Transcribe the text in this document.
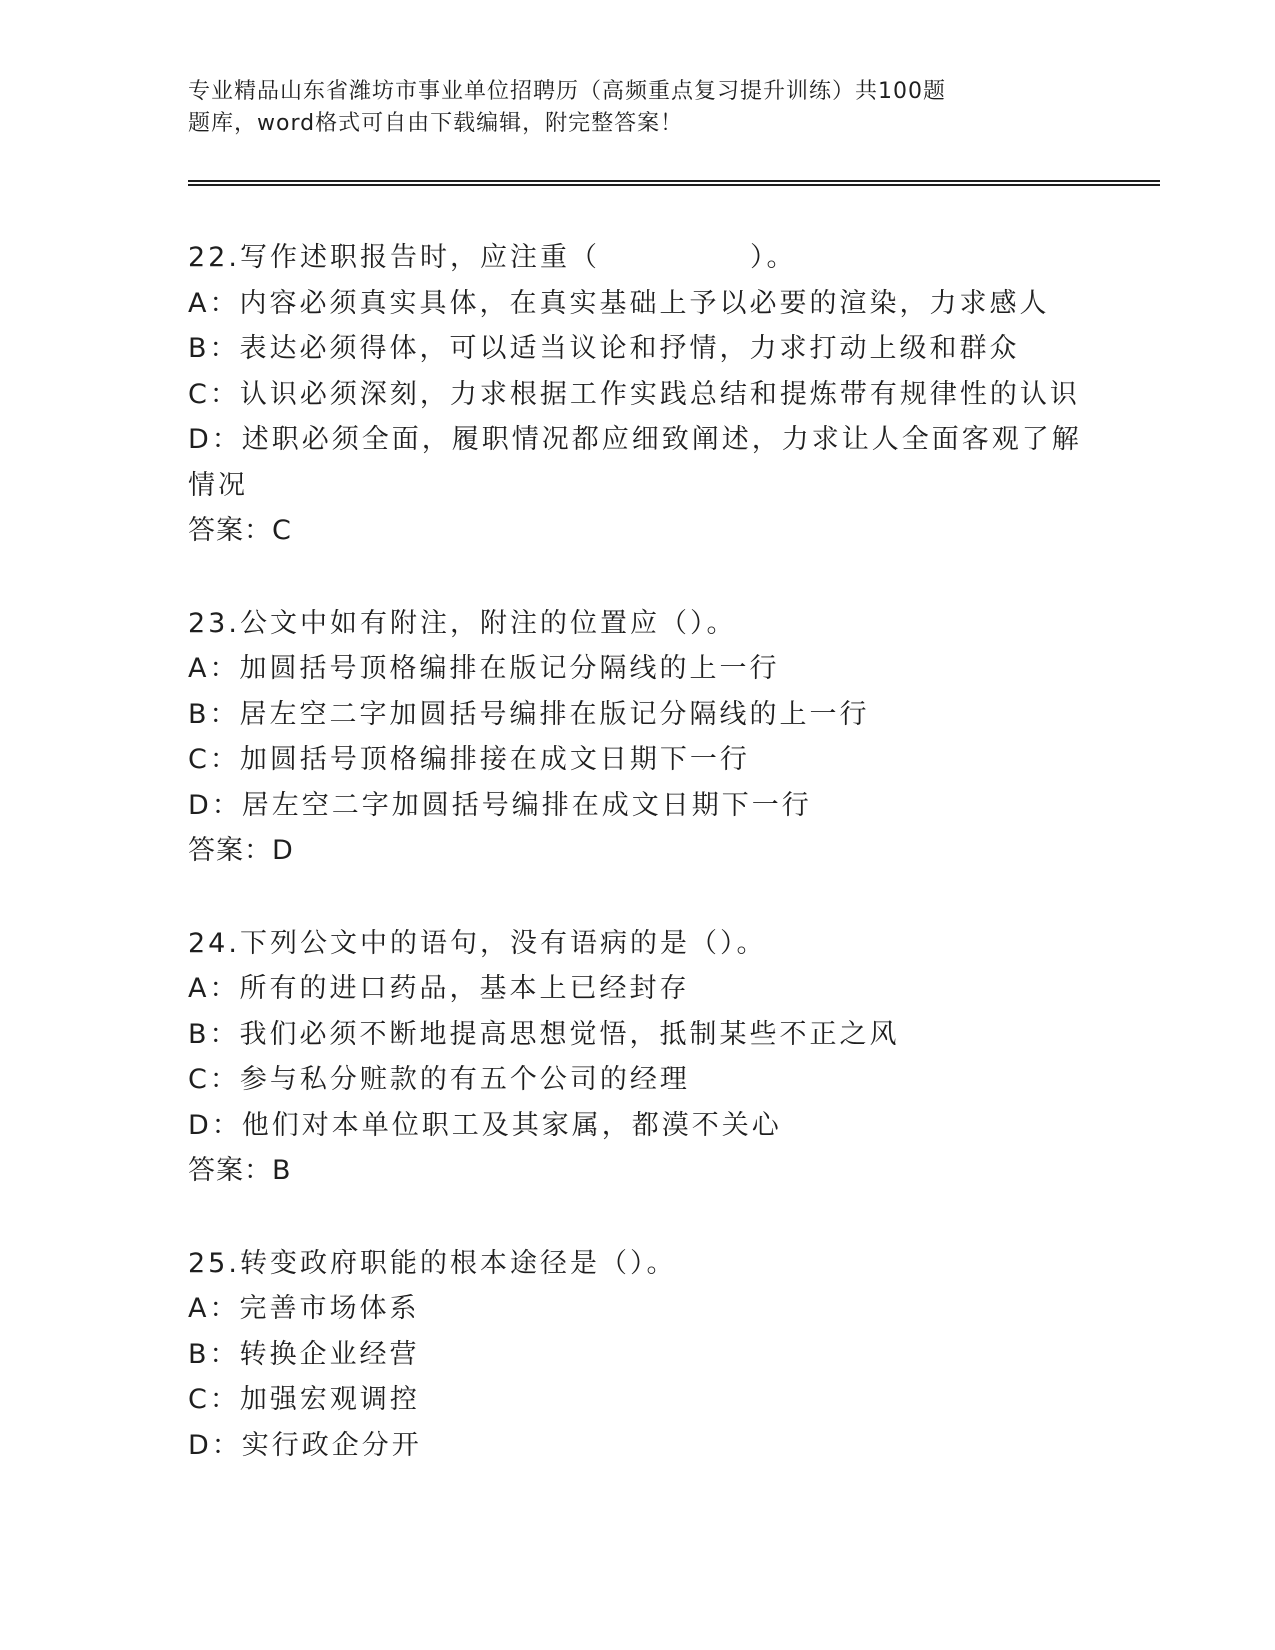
专业精品山东省潍坊市事业单位招聘历（高频重点复习提升训练）共100题
题库，word格式可自由下载编辑，附完整答案！
22.写作述职报告时，应注重（	）。
A：内容必须真实具体，在真实基础上予以必要的渲染，力求感人
B：表达必须得体，可以适当议论和抒情，力求打动上级和群众
C：认识必须深刻，力求根据工作实践总结和提炼带有规律性的认识
D：述职必须全面，履职情况都应细致阐述，力求让人全面客观了解情况
答案：C
23.公文中如有附注，附注的位置应（）。
A：加圆括号顶格编排在版记分隔线的上一行
B：居左空二字加圆括号编排在版记分隔线的上一行
C：加圆括号顶格编排接在成文日期下一行
D：居左空二字加圆括号编排在成文日期下一行
答案：D
24.下列公文中的语句，没有语病的是（）。
A：所有的进口药品，基本上已经封存
B：我们必须不断地提高思想觉悟，抵制某些不正之风
C：参与私分赃款的有五个公司的经理
D：他们对本单位职工及其家属，都漠不关心
答案：B
25.转变政府职能的根本途径是（）。
A：完善市场体系
B：转换企业经营
C：加强宏观调控
D：实行政企分开
